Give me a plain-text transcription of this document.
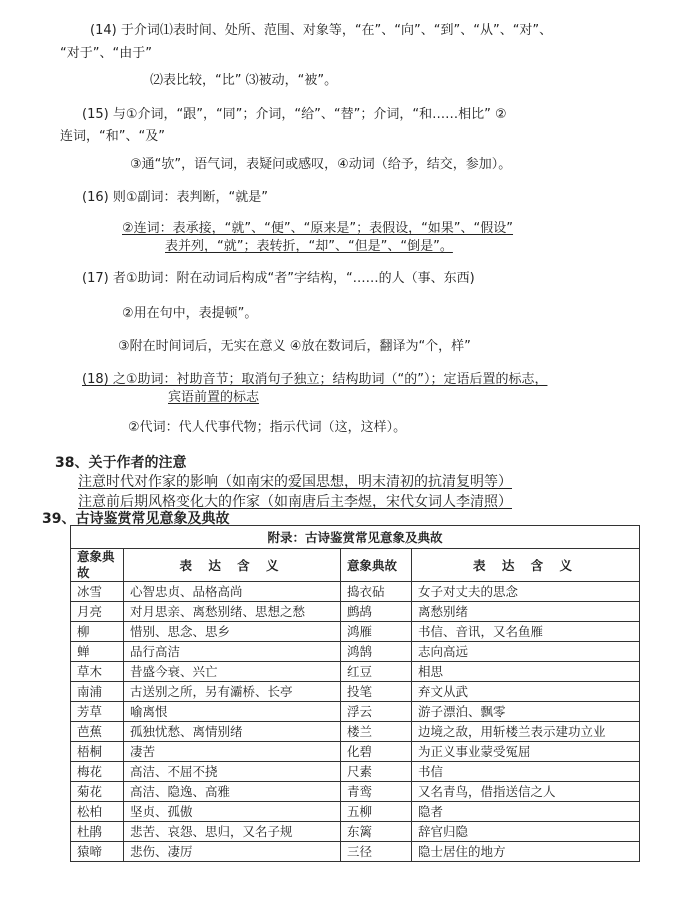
(14) 于介词⑴表时间、处所、范围、对象等，“在”、“向”、“到”、“从”、“对”、
“对于”、“由于”
⑵表比较，“比” ⑶被动，“被”。
(15) 与①介词，“跟”，“同”；介词，“给”、“替”；介词，“和……相比” ②
连词，“和”、“及”
③通“欤”，语气词，表疑问或感叹，④动词（给予，结交，参加）。
(16) 则①副词：表判断，“就是”
②连词：表承接，“就”、“便”、“原来是”；表假设，“如果”、“假设”
表并列，“就”；表转折，“却”、“但是”、“倒是”。
(17) 者①助词：附在动词后构成“者”字结构，“……的人（事、东西)
②用在句中，表提顿”。
③附在时间词后，无实在意义 ④放在数词后，翻译为“个，样”
(18) 之①助词：衬助音节；取消句子独立；结构助词（“的”）；定语后置的标志，
宾语前置的标志
②代词：代人代事代物；指示代词（这，这样）。
38、关于作者的注意
注意时代对作家的影响（如南宋的爱国思想，明末清初的抗清复明等）
注意前后期风格变化大的作家（如南唐后主李煜，宋代女词人李清照）
39、古诗鉴赏常见意象及典故
附录：古诗鉴赏常见意象及典故			
意象典故	表 达 含 义	意象典故	表 达 含 义
冰雪	心智忠贞、品格高尚	捣衣砧	女子对丈夫的思念
月亮	对月思亲、离愁别绪、思想之愁	鹧鸪	离愁别绪
柳	惜别、思念、思乡	鸿雁	书信、音讯，又名鱼雁
蝉	品行高洁	鸿鹄	志向高远
草木	昔盛今衰、兴亡	红豆	相思
南浦	古送别之所，另有灞桥、长亭	投笔	弃文从武
芳草	喻离恨	浮云	游子漂泊、飘零
芭蕉	孤独忧愁、离情别绪	楼兰	边境之敌，用斩楼兰表示建功立业
梧桐	凄苦	化碧	为正义事业蒙受冤屈
梅花	高洁、不屈不挠	尺素	书信
菊花	高洁、隐逸、高雅	青鸾	又名青鸟，借指送信之人
松柏	坚贞、孤傲	五柳	隐者
杜鹃	悲苦、哀怨、思归，又名子规	东篱	辞官归隐
猿啼	悲伤、凄厉	三径	隐士居住的地方
